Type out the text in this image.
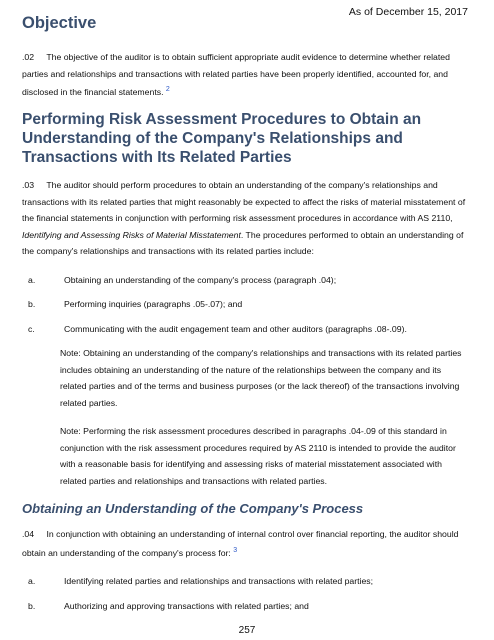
As of December 15, 2017
Objective

.02 The objective of the auditor is to obtain sufficient appropriate audit evidence to determine whether related parties and relationships and transactions with related parties have been properly identified, accounted for, and disclosed in the financial statements. $^2$

Performing Risk Assessment Procedures to Obtain an Understanding of the Company's Relationships and Transactions with Its Related Parties

.03 The auditor should perform procedures to obtain an understanding of the company's relationships and transactions with its related parties that might reasonably be expected to affect the risks of material misstatement of the financial statements in conjunction with performing risk assessment procedures in accordance with AS 2110, Identifying and Assessing Risks of Material Misstatement. The procedures performed to obtain an understanding of the company's relationships and transactions with its related parties include:

a.	Obtaining an understanding of the company's process (paragraph .04);
b.	Performing inquiries (paragraphs .05-.07); and
c.	Communicating with the audit engagement team and other auditors (paragraphs .08-.09).
Note: Obtaining an understanding of the company's relationships and transactions with its related parties includes obtaining an understanding of the nature of the relationships between the company and its related parties and of the terms and business purposes (or the lack thereof) of the transactions involving related parties.
Note: Performing the risk assessment procedures described in paragraphs .04-.09 of this standard in conjunction with the risk assessment procedures required by AS 2110 is intended to provide the auditor with a reasonable basis for identifying and assessing risks of material misstatement associated with related parties and relationships and transactions with related parties.
Obtaining an Understanding of the Company's Process

.04 In conjunction with obtaining an understanding of internal control over financial reporting, the auditor should obtain an understanding of the company's process for: $^3$

a.	Identifying related parties and relationships and transactions with related parties;
b.	Authorizing and approving transactions with related parties; and
257
